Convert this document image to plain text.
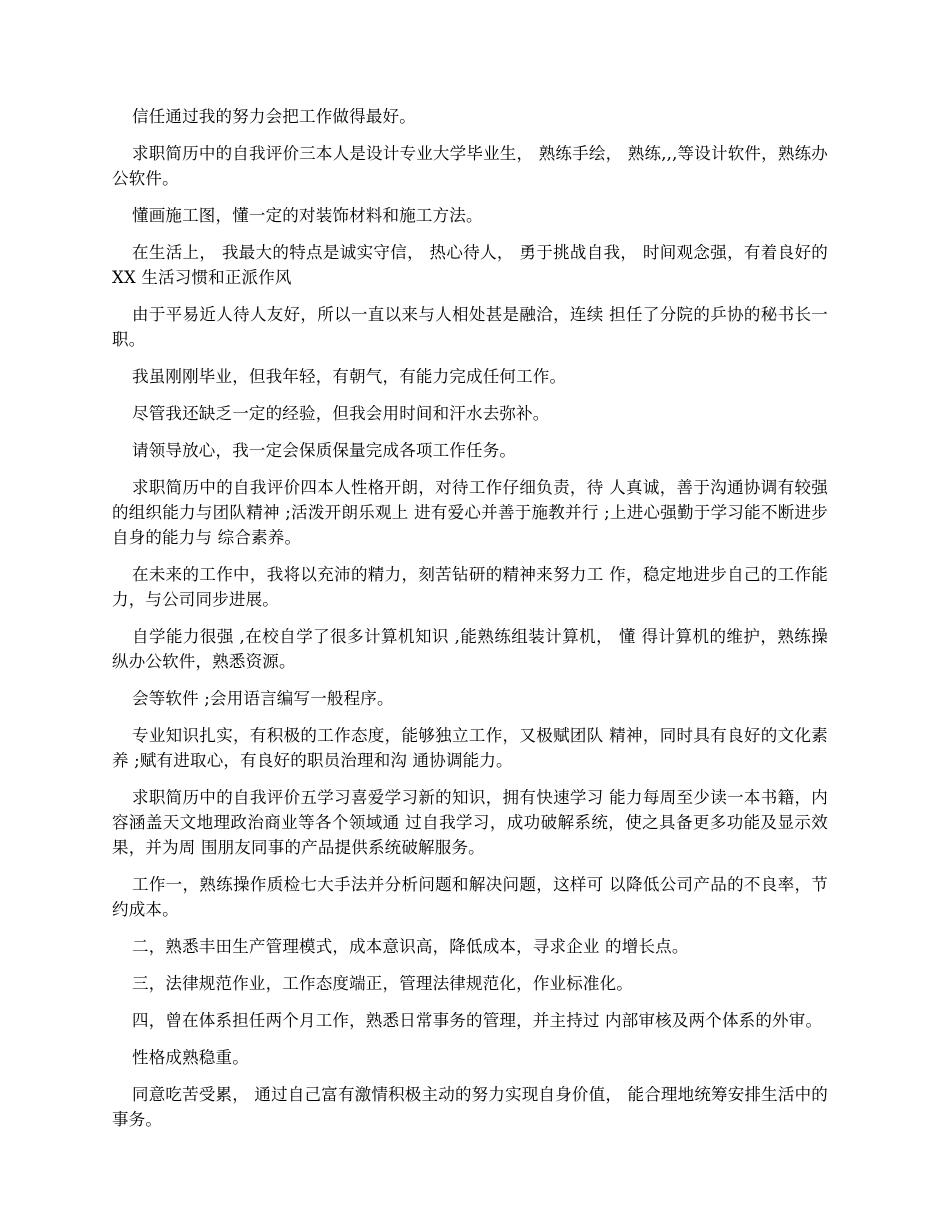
信任通过我的努力会把工作做得最好。

求职简历中的自我评价三本人是设计专业大学毕业生， 熟练手绘， 熟练,,,等设计软件，熟练办公软件。

懂画施工图，懂一定的对装饰材料和施工方法。

在生活上， 我最大的特点是诚实守信， 热心待人， 勇于挑战自我， 时间观念强，有着良好的 XX 生活习惯和正派作风

由于平易近人待人友好，所以一直以来与人相处甚是融洽，连续 担任了分院的乒协的秘书长一职。

我虽刚刚毕业，但我年轻，有朝气，有能力完成任何工作。

尽管我还缺乏一定的经验，但我会用时间和汗水去弥补。

请领导放心，我一定会保质保量完成各项工作任务。

求职简历中的自我评价四本人性格开朗，对待工作仔细负责，待 人真诚，善于沟通协调有较强的组织能力与团队精神 ;活泼开朗乐观上 进有爱心并善于施教并行 ;上进心强勤于学习能不断进步自身的能力与 综合素养。

在未来的工作中，我将以充沛的精力，刻苦钻研的精神来努力工 作，稳定地进步自己的工作能力，与公司同步进展。

自学能力很强 ,在校自学了很多计算机知识 ,能熟练组装计算机， 懂 得计算机的维护，熟练操纵办公软件，熟悉资源。

会等软件 ;会用语言编写一般程序。

专业知识扎实，有积极的工作态度，能够独立工作，又极赋团队 精神，同时具有良好的文化素养 ;赋有进取心，有良好的职员治理和沟 通协调能力。

求职简历中的自我评价五学习喜爱学习新的知识，拥有快速学习 能力每周至少读一本书籍，内容涵盖天文地理政治商业等各个领域通 过自我学习，成功破解系统，使之具备更多功能及显示效果，并为周 围朋友同事的产品提供系统破解服务。

工作一，熟练操作质检七大手法并分析问题和解决问题，这样可 以降低公司产品的不良率，节约成本。

二，熟悉丰田生产管理模式，成本意识高，降低成本，寻求企业 的增长点。

三，法律规范作业，工作态度端正，管理法律规范化，作业标准化。

四，曾在体系担任两个月工作，熟悉日常事务的管理，并主持过 内部审核及两个体系的外审。

性格成熟稳重。

同意吃苦受累， 通过自己富有激情积极主动的努力实现自身价值， 能合理地统筹安排生活中的事务。
